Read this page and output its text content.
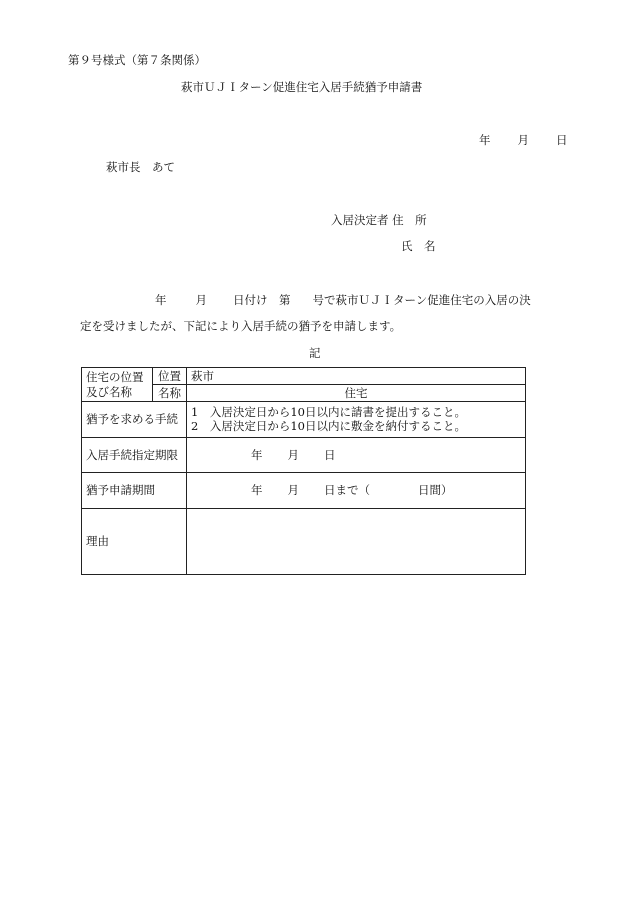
第９号様式（第７条関係）
萩市ＵＪＩターン促進住宅入居手続猶予申請書
年 月 日
萩市長　あて
入居決定者 住　所
氏　名
年	月 日付け　第 号で萩市ＵＪＩターン促進住宅の入居の決
定を受けましたが、下記により入居手続の猶予を申請します。
記
住宅の位置
及び名称	位置	萩市
	名称	住宅
猶予を求める手続		1　入居決定日から10日以内に請書を提出すること。
2　入居決定日から10日以内に敷金を納付すること。

入居手続指定期限		年 月 日
猶予申請期間		年 月 日まで（ 日間）
理由		
